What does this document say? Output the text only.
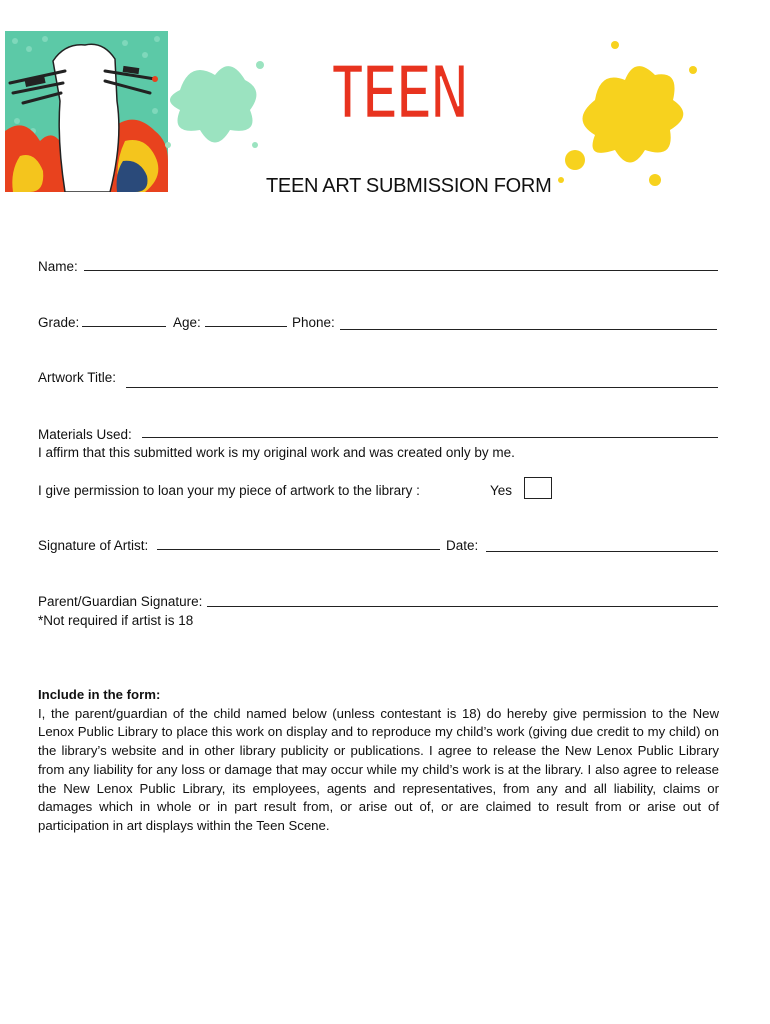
TEEN
TEEN
TEEN ART SUBMISSION FORM
Name:
Grade:	Age:	Phone:
Artwork Title:
Materials Used:
I affirm that this submitted work is my original work and was created only by me.
I give permission to loan your my piece of artwork to the library :	Yes
Signature of Artist:	Date:
Parent/Guardian Signature:
*Not required if artist is 18
Include in the form:
I, the parent/guardian of the child named below (unless contestant is 18) do hereby give permission to the New Lenox Public Library to place this work on display and to reproduce my child’s work (giving due credit to my child) on the library’s website and in other library publicity or publications. I agree to release the New Lenox Public Library from any liability for any loss or damage that may occur while my child’s work is at the library. I also agree to release the New Lenox Public Library, its employees, agents and representatives, from any and all liability, claims or damages which in whole or in part result from, or arise out of, or are claimed to result from or arise out of participation in art displays within the Teen Scene.
